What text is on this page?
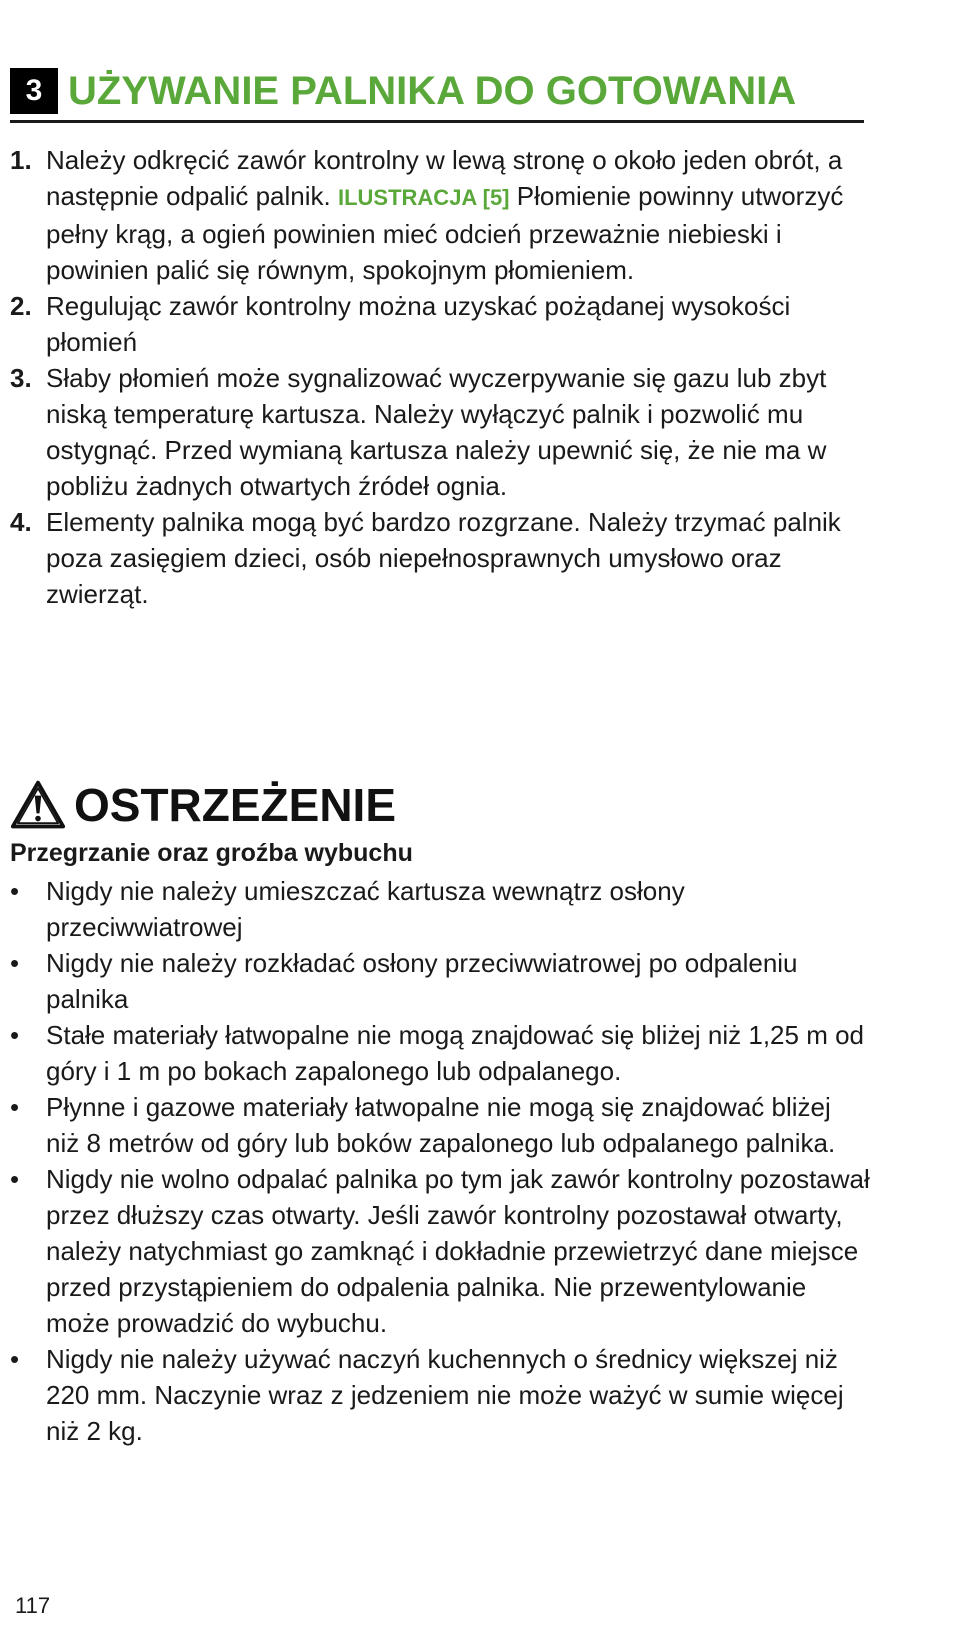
3 UŻYWANIE PALNIKA DO GOTOWANIA
1. Należy odkręcić zawór kontrolny w lewą stronę o około jeden obrót, a następnie odpalić palnik. ILUSTRACJA [5] Płomienie powinny utworzyć pełny krąg, a ogień powinien mieć odcień przeważnie niebieski i powinien palić się równym, spokojnym płomieniem.
2. Regulując zawór kontrolny można uzyskać pożądanej wysokości płomień
3. Słaby płomień może sygnalizować wyczerpywanie się gazu lub zbyt niską temperaturę kartusza. Należy wyłączyć palnik i pozwolić mu ostygnąć. Przed wymianą kartusza należy upewnić się, że nie ma w pobliżu żadnych otwartych źródeł ognia.
4. Elementy palnika mogą być bardzo rozgrzane. Należy trzymać palnik poza zasięgiem dzieci, osób niepełnosprawnych umysłowo oraz zwierząt.
OSTRZEŻENIE
Przegrzanie oraz groźba wybuchu
• Nigdy nie należy umieszczać kartusza wewnątrz osłony przeciwwiatrowej
• Nigdy nie należy rozkładać osłony przeciwwiatrowej po odpaleniu palnika
• Stałe materiały łatwopalne nie mogą znajdować się bliżej niż 1,25 m od góry i 1 m po bokach zapalonego lub odpalanego.
• Płynne i gazowe materiały łatwopalne nie mogą się znajdować bliżej niż 8 metrów od góry lub boków zapalonego lub odpalanego palnika.
• Nigdy nie wolno odpalać palnika po tym jak zawór kontrolny pozostawał przez dłuższy czas otwarty. Jeśli zawór kontrolny pozostawał otwarty, należy natychmiast go zamknąć i dokładnie przewietrzyć dane miejsce przed przystąpieniem do odpalenia palnika. Nie przewentylowanie może prowadzić do wybuchu.
• Nigdy nie należy używać naczyń kuchennych o średnicy większej niż 220 mm. Naczynie wraz z jedzeniem nie może ważyć w sumie więcej niż 2 kg.
117
